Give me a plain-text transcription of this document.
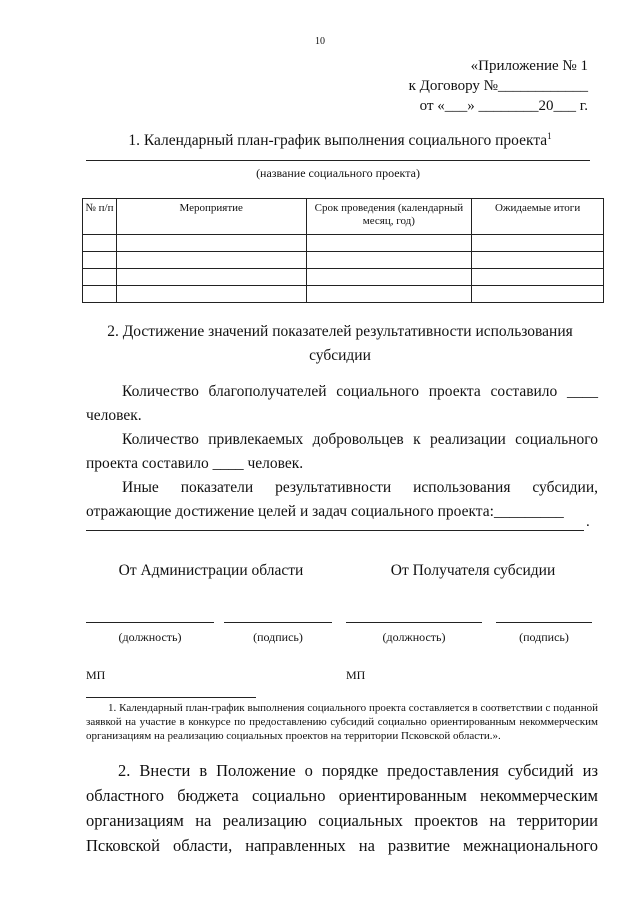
10
«Приложение № 1
к Договору №____________
от «___» ________20___ г.
1. Календарный план-график выполнения социального проекта$^1$
(название социального проекта)
№ п/п	Мероприятие	Срок проведения (календарный месяц, год)	Ожидаемые итоги

2. Достижение значений показателей результативности использования
субсидии
Количество благополучателей социального проекта составило ____ человек.
Количество привлекаемых добровольцев к реализации социального проекта составило ____ человек.
Иные показатели результативности использования субсидии, отражающие достижение целей и задач социального проекта:_________
.
От Администрации области	От Получателя субсидии
(должность)	(подпись)	(должность)	(подпись)
МП	МП
1. Календарный план-график выполнения социального проекта составляется в соответствии с поданной заявкой на участие в конкурсе по предоставлению субсидий социально ориентированным некоммерческим организациям на реализацию социальных проектов на территории Псковской области.».
2. Внести в Положение о порядке предоставления субсидий из
областного бюджета социально ориентированным некоммерческим
организациям на реализацию социальных проектов на территории
Псковской области, направленных на развитие межнационального
